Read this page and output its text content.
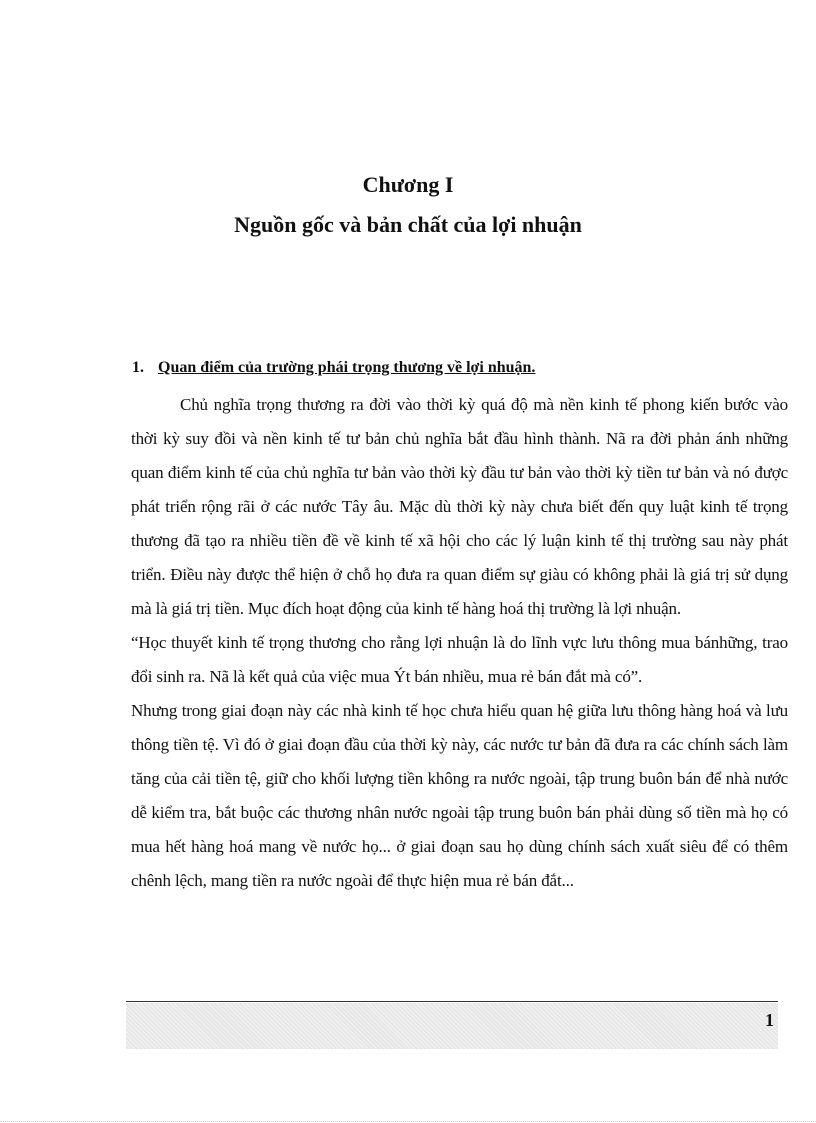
Chương I
Nguồn gốc và bản chất của lợi nhuận
1. Quan điểm của trường phái trọng thương về lợi nhuận.

Chủ nghĩa trọng thương ra đời vào thời kỳ quá độ mà nền kinh tế phong kiến bước vào thời kỳ suy đồi và nền kinh tế tư bản chủ nghĩa bắt đầu hình thành. Nã ra đời phản ánh những quan điểm kinh tế của chủ nghĩa tư bản vào thời kỳ đầu tư bản vào thời kỳ tiền tư bản và nó được phát triển rộng rãi ở các nước Tây âu. Mặc dù thời kỳ này chưa biết đến quy luật kinh tế trọng thương đã tạo ra nhiều tiền đề về kinh tế xã hội cho các lý luận kinh tế thị trường sau này phát triển. Điều này được thể hiện ở chỗ họ đưa ra quan điểm sự giàu có không phải là giá trị sử dụng mà là giá trị tiền. Mục đích hoạt động của kinh tế hàng hoá thị trường là lợi nhuận.

“Học thuyết kinh tế trọng thương cho rằng lợi nhuận là do lĩnh vực lưu thông mua bánhững, trao đổi sinh ra. Nã là kết quả của việc mua Ýt bán nhiều, mua rẻ bán đắt mà có”.

Nhưng trong giai đoạn này các nhà kinh tế học chưa hiểu quan hệ giữa lưu thông hàng hoá và lưu thông tiền tệ. Vì đó ở giai đoạn đầu của thời kỳ này, các nước tư bản đã đưa ra các chính sách làm tăng của cải tiền tệ, giữ cho khối lượng tiền không ra nước ngoài, tập trung buôn bán để nhà nước dễ kiểm tra, bắt buộc các thương nhân nước ngoài tập trung buôn bán phải dùng số tiền mà họ có mua hết hàng hoá mang về nước họ... ở giai đoạn sau họ dùng chính sách xuất siêu để có thêm chênh lệch, mang tiền ra nước ngoài để thực hiện mua rẻ bán đắt...

1
